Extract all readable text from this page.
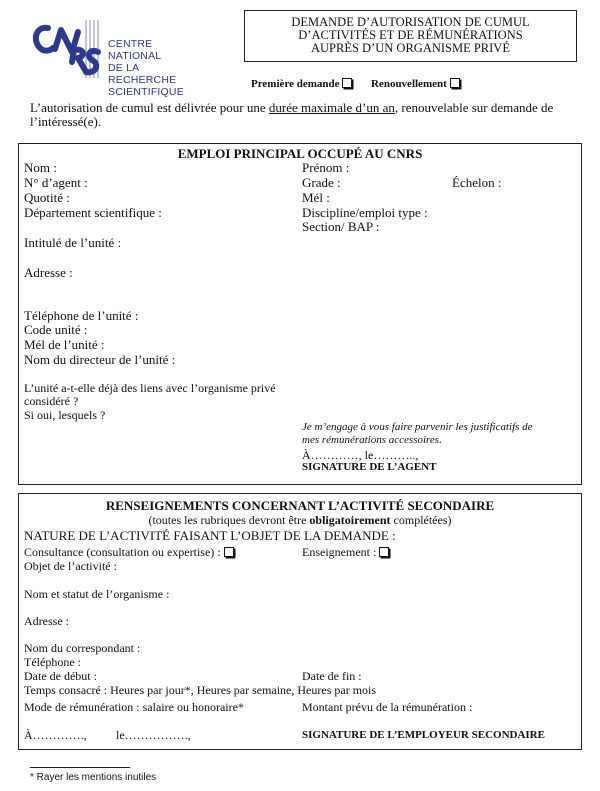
CENTRE NATIONAL
DE LA RECHERCHE
SCIENTIFIQUE
DEMANDE D’AUTORISATION DE CUMUL
D’ACTIVITÉS ET DE RÉMUNÉRATIONS
AUPRÈS D’UN ORGANISME PRIVÉ
Première demande	Renouvellement
L’autorisation de cumul est délivrée pour une durée maximale d’un an, renouvelable sur demande de
l’intéressé(e).
EMPLOI PRINCIPAL OCCUPÉ AU CNRS
Nom :	Prénom :
N° d’agent :	Grade :	Échelon :
Quotité :	Mél :
Département scientifique :	Discipline/emploi type :
Section/ BAP :
Intitulé de l’unité :
Adresse :
Téléphone de l’unité :
Code unité :
Mél de l’unité :
Nom du directeur de l’unité :
L’unité a-t-elle déjà des liens avec l’organisme privé
considéré ?
Si oui, lesquels ?
Je m’engage à vous faire parvenir les justificatifs de
mes rémunérations accessoires.
À…………, le………..,
SIGNATURE DE L’AGENT
RENSEIGNEMENTS CONCERNANT L’ACTIVITÉ SECONDAIRE
(toutes les rubriques devront être obligatoirement complétées)
NATURE DE L’ACTIVITÉ FAISANT L’OBJET DE LA DEMANDE :
Consultance (consultation ou expertise) :	Enseignement :
Objet de l’activité :
Nom et statut de l’organisme :
Adresse :
Nom du correspondant :
Téléphone :
Date de début :	Date de fin :
Temps consacré : Heures par jour*, Heures par semaine, Heures par mois
Mode de rémunération : salaire ou honoraire*	Montant prévu de la rémunération :
À…………., le…………….,	SIGNATURE DE L’EMPLOYEUR SECONDAIRE
* Rayer les mentions inutiles
